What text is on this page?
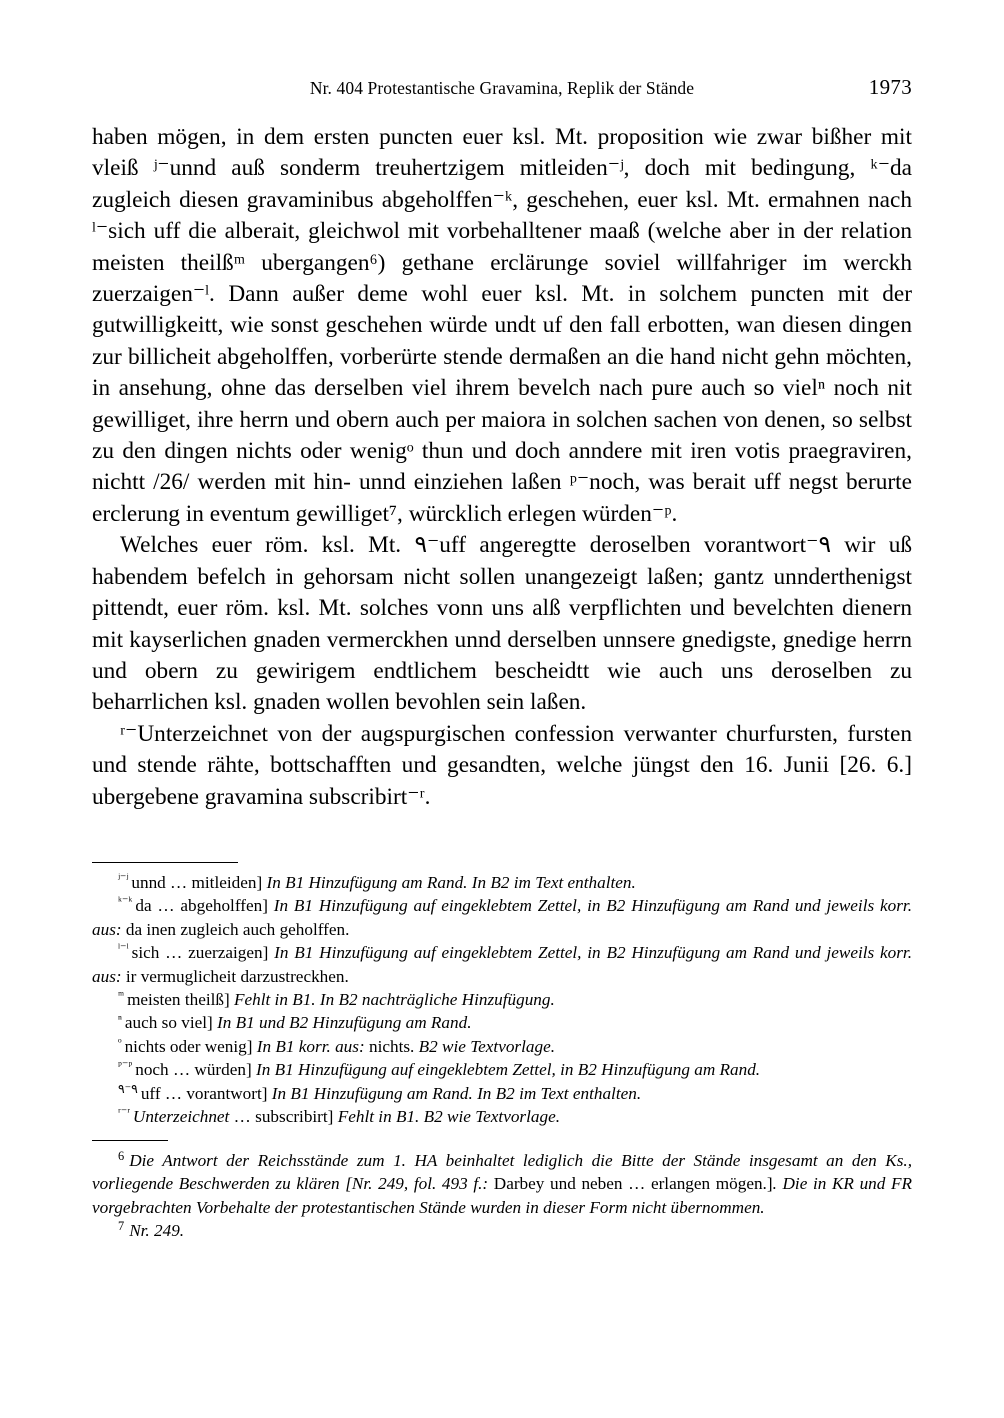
Nr. 404 Protestantische Gravamina, Replik der Stände	1973

haben mögen, in dem ersten puncten euer ksl. Mt. proposition wie zwar bißher mit vleiß ʲ⁻unnd auß sonderm treuhertzigem mitleiden⁻ʲ, doch mit bedingung, ᵏ⁻da zugleich diesen gravaminibus abgeholffen⁻ᵏ, geschehen, euer ksl. Mt. ermahnen nach ˡ⁻sich uff die alberait, gleichwol mit vorbehalltener maaß (welche aber in der relation meisten theilßᵐ ubergangen⁶) gethane erclärunge soviel willfahriger im werckh zuerzaigen⁻ˡ. Dann außer deme wohl euer ksl. Mt. in solchem puncten mit der gutwilligkeitt, wie sonst geschehen würde undt uf den fall erbotten, wan diesen dingen zur billicheit abgeholffen, vorberürte stende dermaßen an die hand nicht gehn möchten, in ansehung, ohne das derselben viel ihrem bevelch nach pure auch so vielⁿ noch nit gewilliget, ihre herrn und obern auch per maiora in solchen sachen von denen, so selbst zu den dingen nichts oder wenigᵒ thun und doch anndere mit iren votis praegraviren, nichtt /26/ werden mit hin- unnd einziehen laßen ᵖ⁻noch, was berait uff negst berurte erclerung in eventum gewilliget⁷, würcklich erlegen würden⁻ᵖ.

Welches euer röm. ksl. Mt. ۹⁻uff angeregtte deroselben vorantwort⁻۹ wir uß habendem befelch in gehorsam nicht sollen unangezeigt laßen; gantz unnderthenigst pittendt, euer röm. ksl. Mt. solches vonn uns alß verpflichten und bevelchten dienern mit kayserlichen gnaden vermerckhen unnd derselben unnsere gnedigste, gnedige herrn und obern zu gewirigem endtlichem bescheidtt wie auch uns deroselben zu beharrlichen ksl. gnaden wollen bevohlen sein laßen.

ʳ⁻Unterzeichnet von der augspurgischen confession verwanter churfursten, fursten und stende rähte, bottschafften und gesandten, welche jüngst den 16. Junii [26. 6.] ubergebene gravamina subscribirt⁻ʳ.

$^{ʲ^-ʲ}$ unnd … mitleiden] In B1 Hinzufügung am Rand. In B2 im Text enthalten.

$^{ᵏ^-ᵏ}$ da … abgeholffen] In B1 Hinzufügung auf eingeklebtem Zettel, in B2 Hinzufügung am Rand und jeweils korr. aus: da inen zugleich auch geholffen.

$^{ˡ^-ˡ}$ sich … zuerzaigen] In B1 Hinzufügung auf eingeklebtem Zettel, in B2 Hinzufügung am Rand und jeweils korr. aus: ir vermuglicheit darzustreckhen.

$^ᵐ$ meisten theilß] Fehlt in B1. In B2 nachträgliche Hinzufügung.

$^{^n}$ auch so viel] In B1 und B2 Hinzufügung am Rand.

$^ᵒ$ nichts oder wenig] In B1 korr. aus: nichts. B2 wie Textvorlage.

$^{ᵖ^-ᵖ}$ noch … würden] In B1 Hinzufügung auf eingeklebtem Zettel, in B2 Hinzufügung am Rand.

$^{۹^-۹}$ uff … vorantwort] In B1 Hinzufügung am Rand. In B2 im Text enthalten.

$^{ʳ^-ʳ}$ Unterzeichnet … subscribirt] Fehlt in B1. B2 wie Textvorlage.

$^6$ Die Antwort der Reichsstände zum 1. HA beinhaltet lediglich die Bitte der Stände insgesamt an den Ks., vorliegende Beschwerden zu klären [Nr. 249, fol. 493 f.: Darbey und neben … erlangen mögen.]. Die in KR und FR vorgebrachten Vorbehalte der protestantischen Stände wurden in dieser Form nicht übernommen.

$^7$ Nr. 249.
